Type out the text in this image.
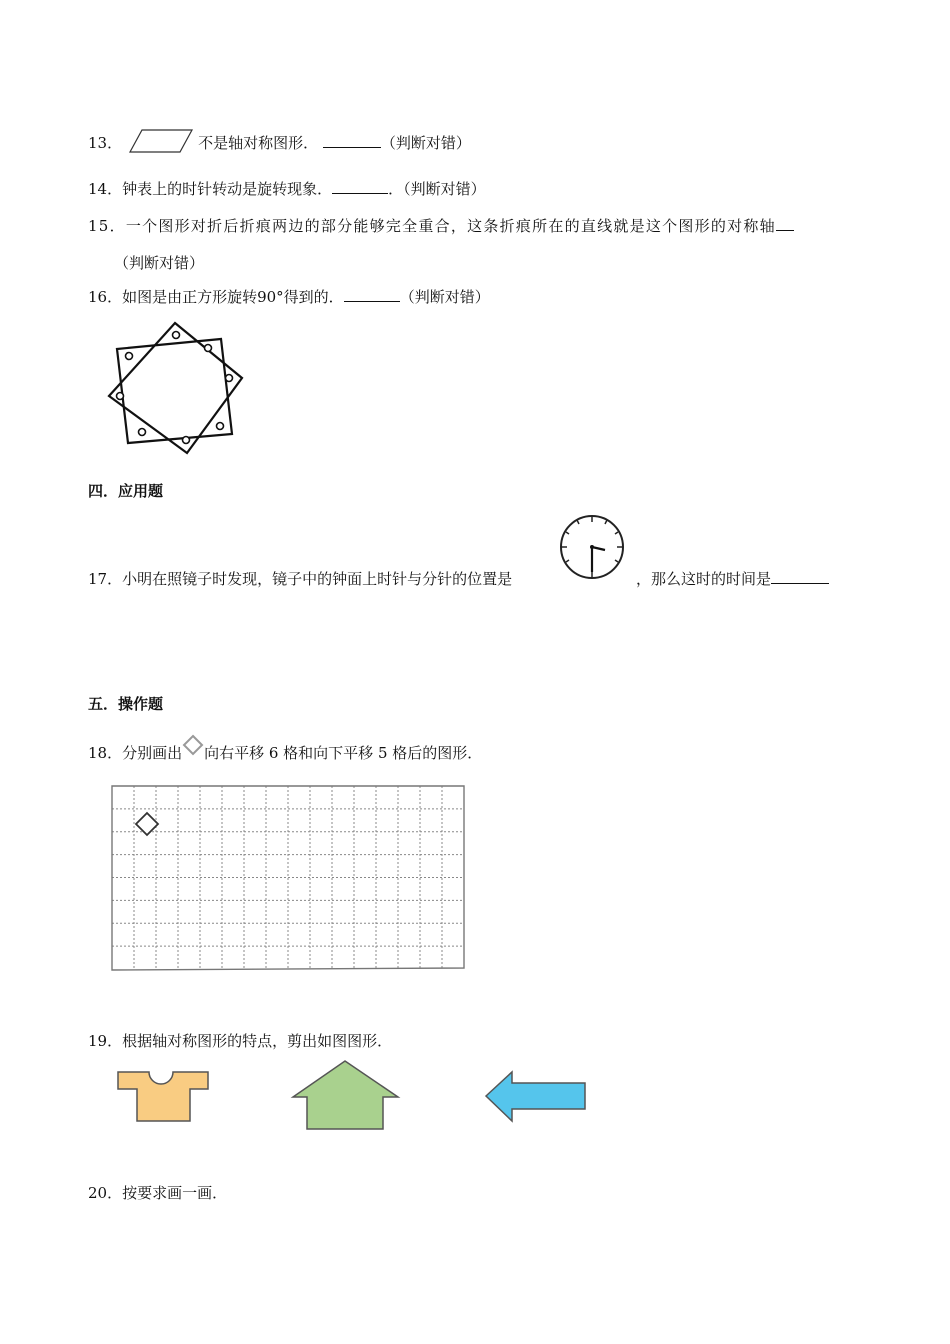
13．	不是轴对称图形．	（判断对错）
14．钟表上的时针转动是旋转现象．	．（判断对错）
15．一个图形对折后折痕两边的部分能够完全重合，这条折痕所在的直线就是这个图形的对称轴
（判断对错）
16．如图是由正方形旋转90°得到的．	（判断对错）
四．应用题
17．小明在照镜子时发现，镜子中的钟面上时针与分针的位置是	，那么这时的时间是
五．操作题
18．分别画出 向右平移 6 格和向下平移 5 格后的图形．
19．根据轴对称图形的特点，剪出如图图形．
20．按要求画一画．
